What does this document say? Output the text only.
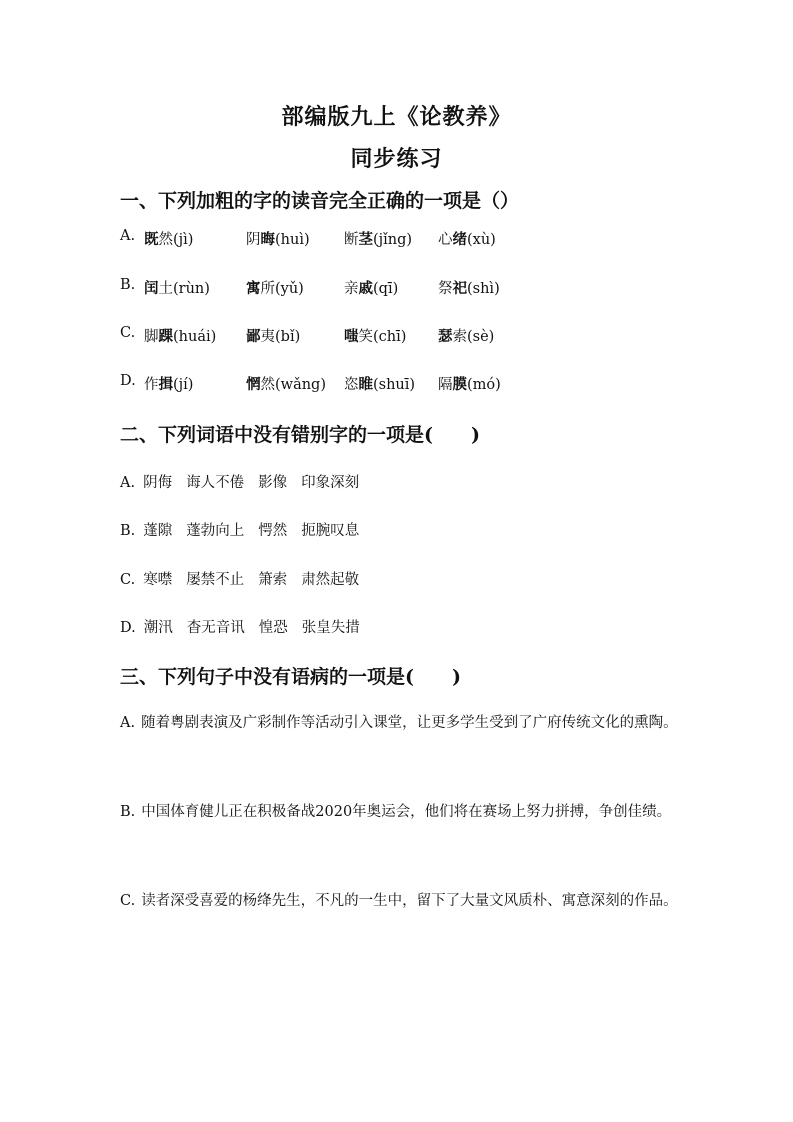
部编版九上《论教养》
同步练习
一、下列加粗的字的读音完全正确的一项是（）
A. 既然(jì)	阴晦(huì) 断茎(jǐng) 心绪(xù)
B. 闰土(rùn) 寓所(yǔ)	亲戚(qī)	祭祀(shì)
C. 脚踝(huái) 鄙夷(bǐ)	嗤笑(chī) 瑟索(sè)
D. 作揖(jí)	惘然(wǎng) 恣睢(shuī) 隔膜(mó)
二、下列词语中没有错别字的一项是(　　)
A. 阴侮 诲人不倦 影像 印象深刻
B. 蓬隙 蓬勃向上 愕然 扼腕叹息
C. 寒噤 屡禁不止 箫索 肃然起敬
D. 潮汛 杳无音讯 惶恐 张皇失措
三、下列句子中没有语病的一项是(　　)
A. 随着粤剧表演及广彩制作等活动引入课堂，让更多学生受到了广府传统文化的熏陶。
B. 中国体育健儿正在积极备战2020年奥运会，他们将在赛场上努力拼搏，争创佳绩。
C. 读者深受喜爱的杨绛先生，不凡的一生中，留下了大量文风质朴、寓意深刻的作品。
